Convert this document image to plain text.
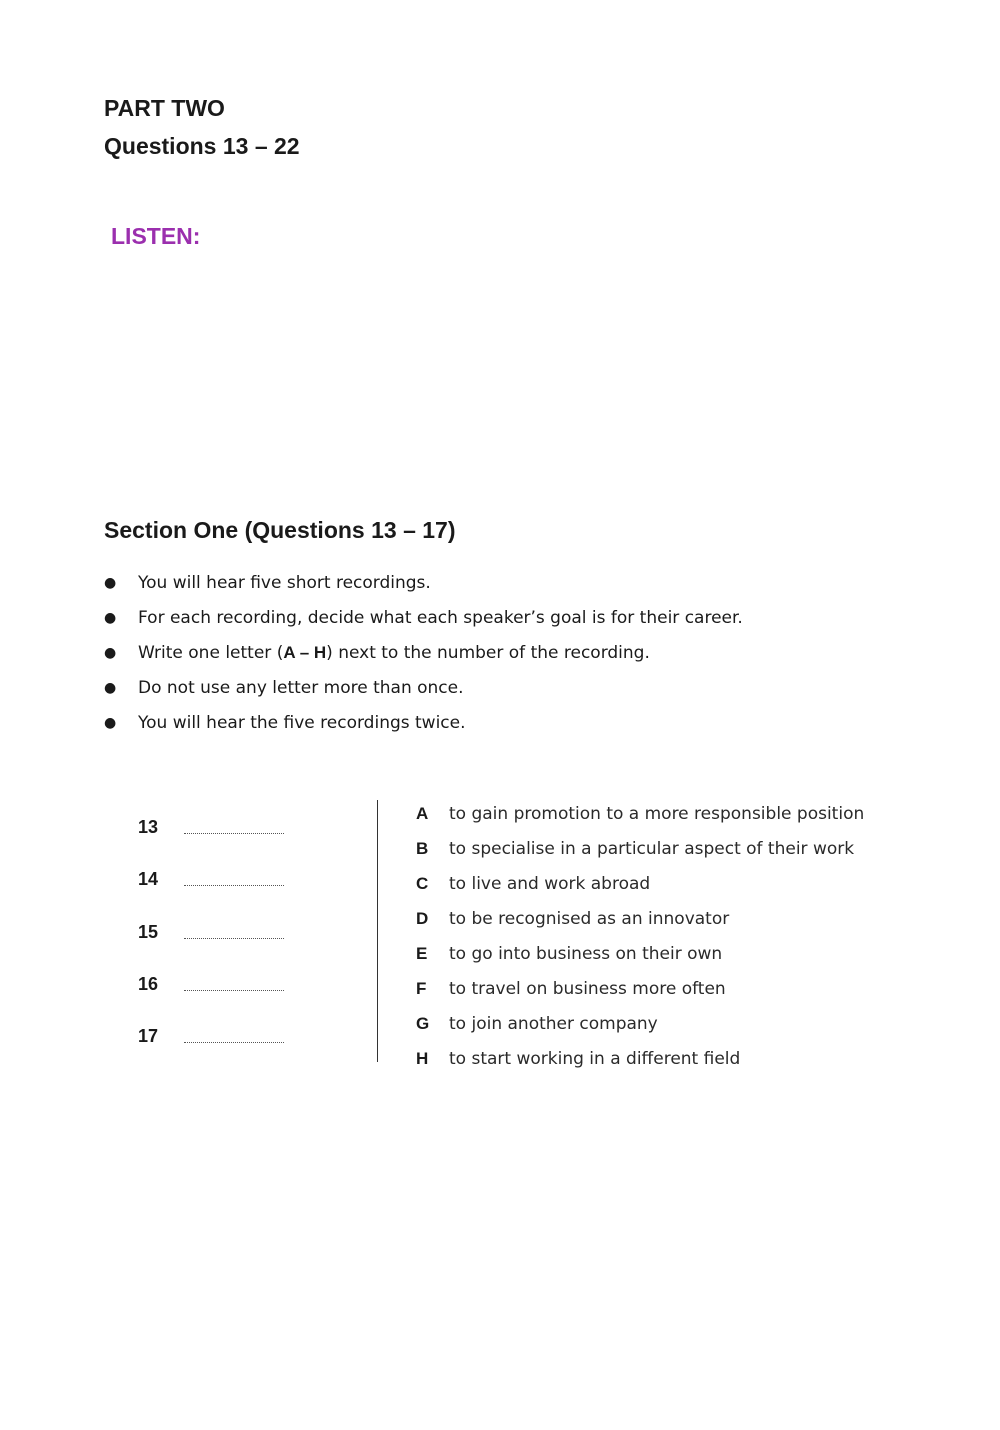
PART TWO
Questions 13 – 22
LISTEN:
Section One (Questions 13 – 17)
● You will hear five short recordings.
● For each recording, decide what each speaker’s goal is for their career.
● Write one letter (A – H) next to the number of the recording.
● Do not use any letter more than once.
● You will hear the five recordings twice.
13
14
15
16
17
A to gain promotion to a more responsible position
B to specialise in a particular aspect of their work
C to live and work abroad
D to be recognised as an innovator
E to go into business on their own
F to travel on business more often
G to join another company
H to start working in a different field
